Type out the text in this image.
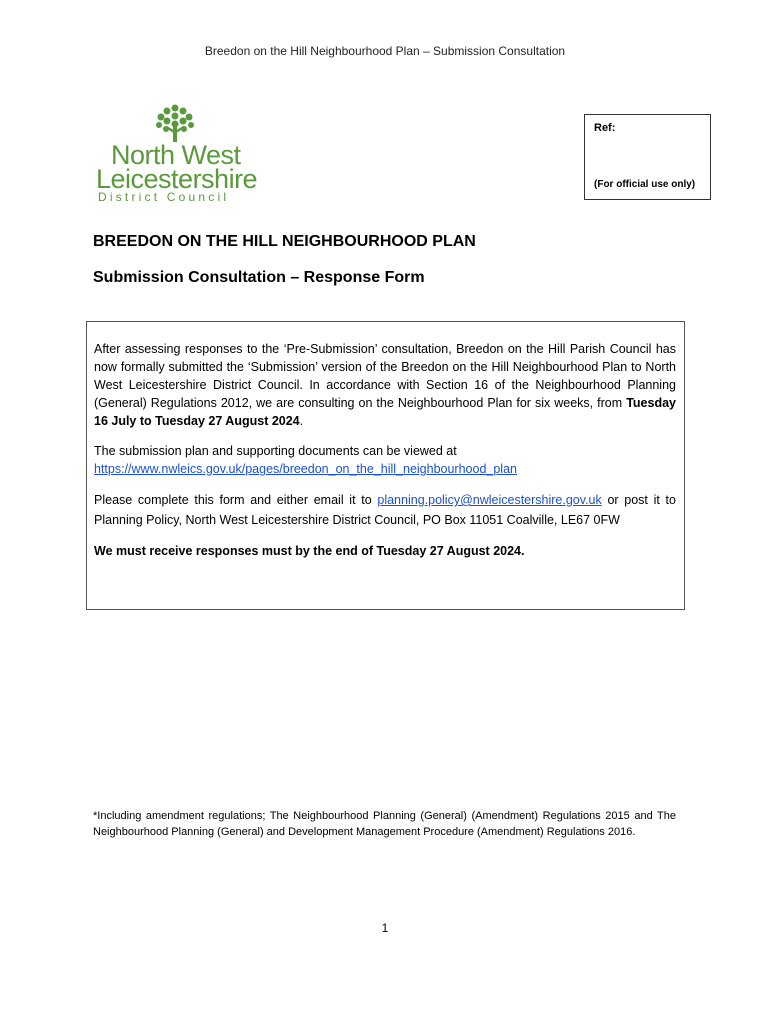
Breedon on the Hill Neighbourhood Plan – Submission Consultation
North West
Leicestershire
District Council
Ref:
(For official use only)
BREEDON ON THE HILL NEIGHBOURHOOD PLAN
Submission Consultation – Response Form

After assessing responses to the ‘Pre-Submission’ consultation, Breedon on the Hill Parish Council has now formally submitted the ‘Submission’ version of the Breedon on the Hill Neighbourhood Plan to North West Leicestershire District Council. In accordance with Section 16 of the Neighbourhood Planning (General) Regulations 2012, we are consulting on the Neighbourhood Plan for six weeks, from Tuesday 16 July to Tuesday 27 August 2024.

The submission plan and supporting documents can be viewed at
https://www.nwleics.gov.uk/pages/breedon_on_the_hill_neighbourhood_plan

Please complete this form and either email it to planning.policy@nwleicestershire.gov.uk or post it to Planning Policy, North West Leicestershire District Council, PO Box 11051 Coalville, LE67 0FW

We must receive responses must by the end of Tuesday 27 August 2024.

*Including amendment regulations; The Neighbourhood Planning (General) (Amendment) Regulations 2015 and The Neighbourhood Planning (General) and Development Management Procedure (Amendment) Regulations 2016.
1
